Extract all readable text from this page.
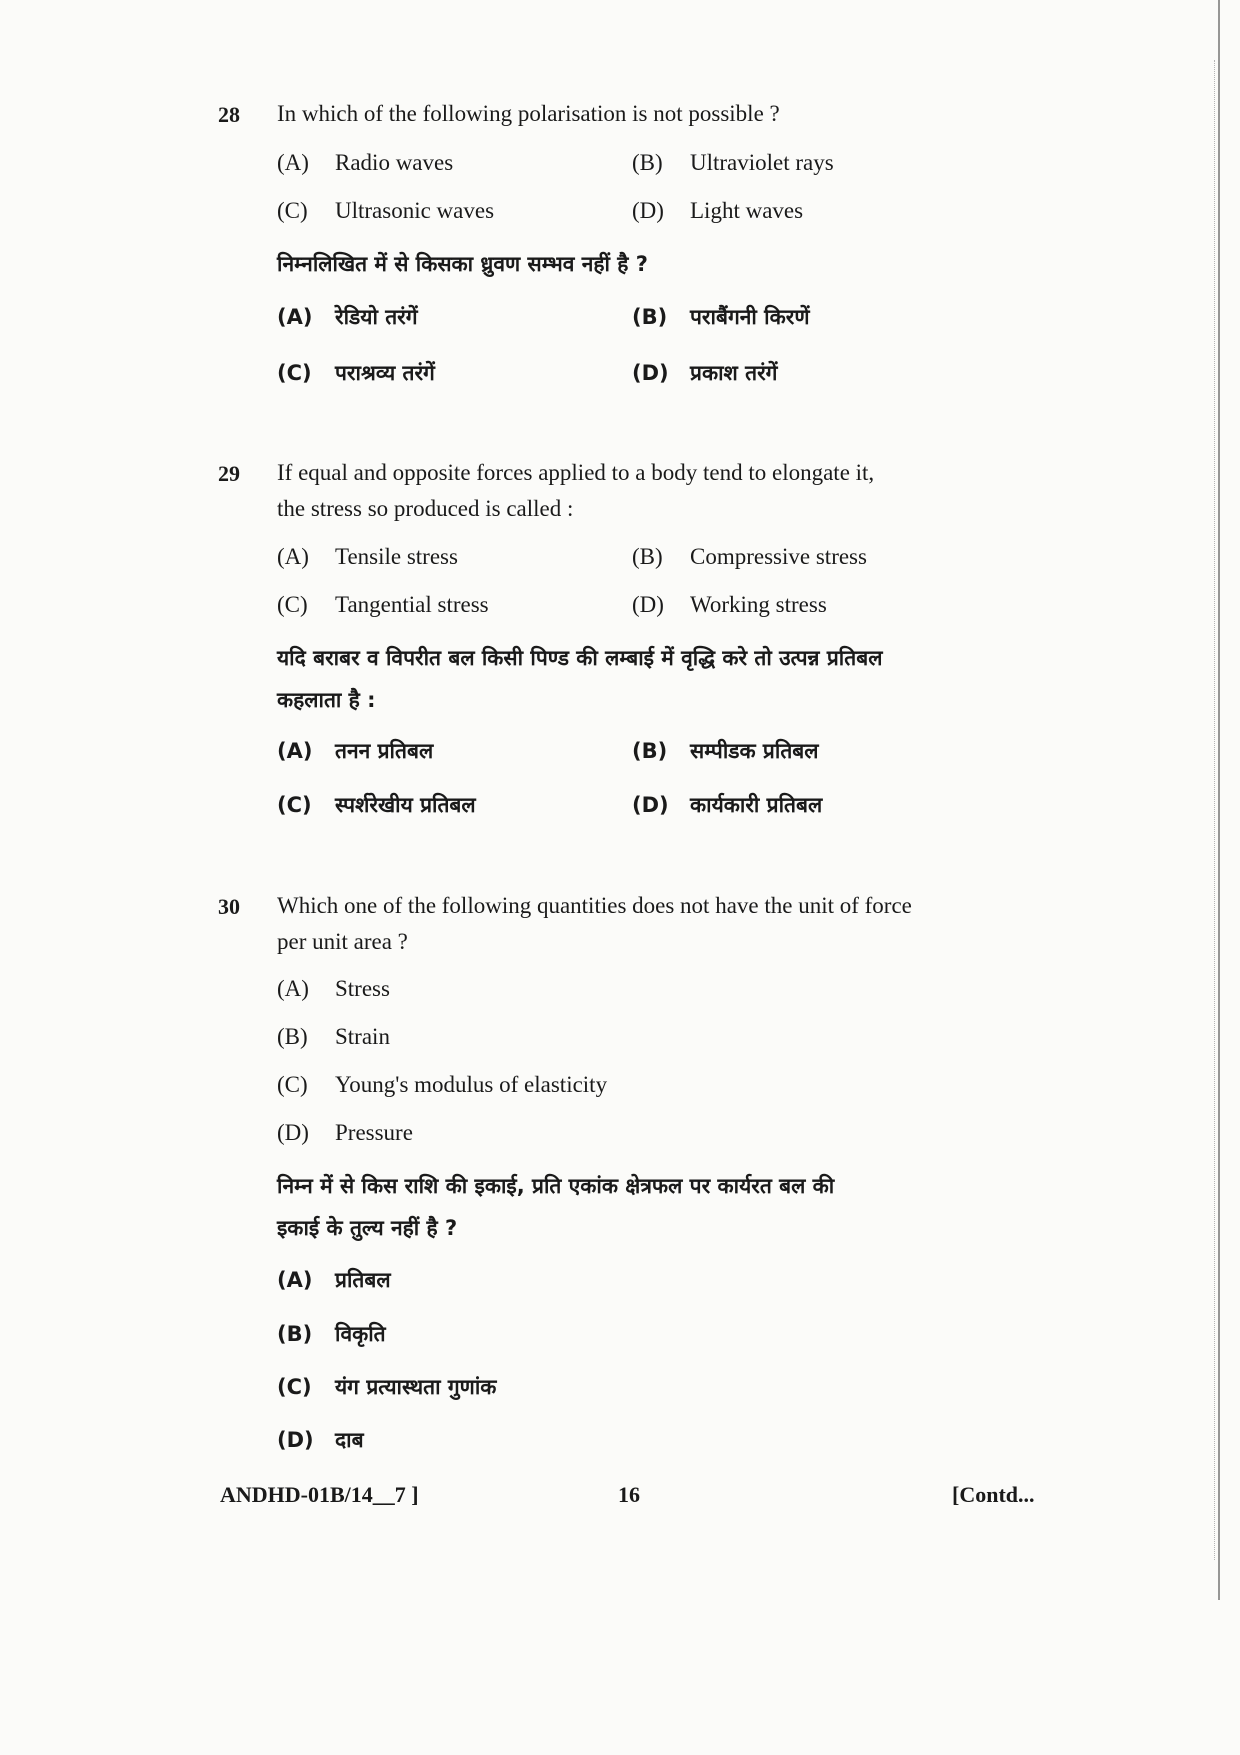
28 In which of the following polarisation is not possible ?
(A) Radio waves	(B) Ultraviolet rays
(C) Ultrasonic waves	(D) Light waves
निम्नलिखित में से किसका ध्रुवण सम्भव नहीं है ?
(A) रेडियो तरंगें	(B) पराबैंगनी किरणें
(C) पराश्रव्य तरंगें	(D) प्रकाश तरंगें
29 If equal and opposite forces applied to a body tend to elongate it,
the stress so produced is called :
(A) Tensile stress	(B) Compressive stress
(C) Tangential stress	(D) Working stress
यदि बराबर व विपरीत बल किसी पिण्ड की लम्बाई में वृद्धि करे तो उत्पन्न प्रतिबल
कहलाता है :
(A) तनन प्रतिबल	(B) सम्पीडक प्रतिबल
(C) स्पर्शरेखीय प्रतिबल	(D) कार्यकारी प्रतिबल
30 Which one of the following quantities does not have the unit of force
per unit area ?
(A) Stress
(B) Strain
(C) Young's modulus of elasticity
(D) Pressure
निम्न में से किस राशि की इकाई, प्रति एकांक क्षेत्रफल पर कार्यरत बल की
इकाई के तुल्य नहीं है ?
(A) प्रतिबल
(B) विकृति
(C) यंग प्रत्यास्थता गुणांक
(D) दाब
ANDHD-01B/14__7 ]	16	[Contd...
